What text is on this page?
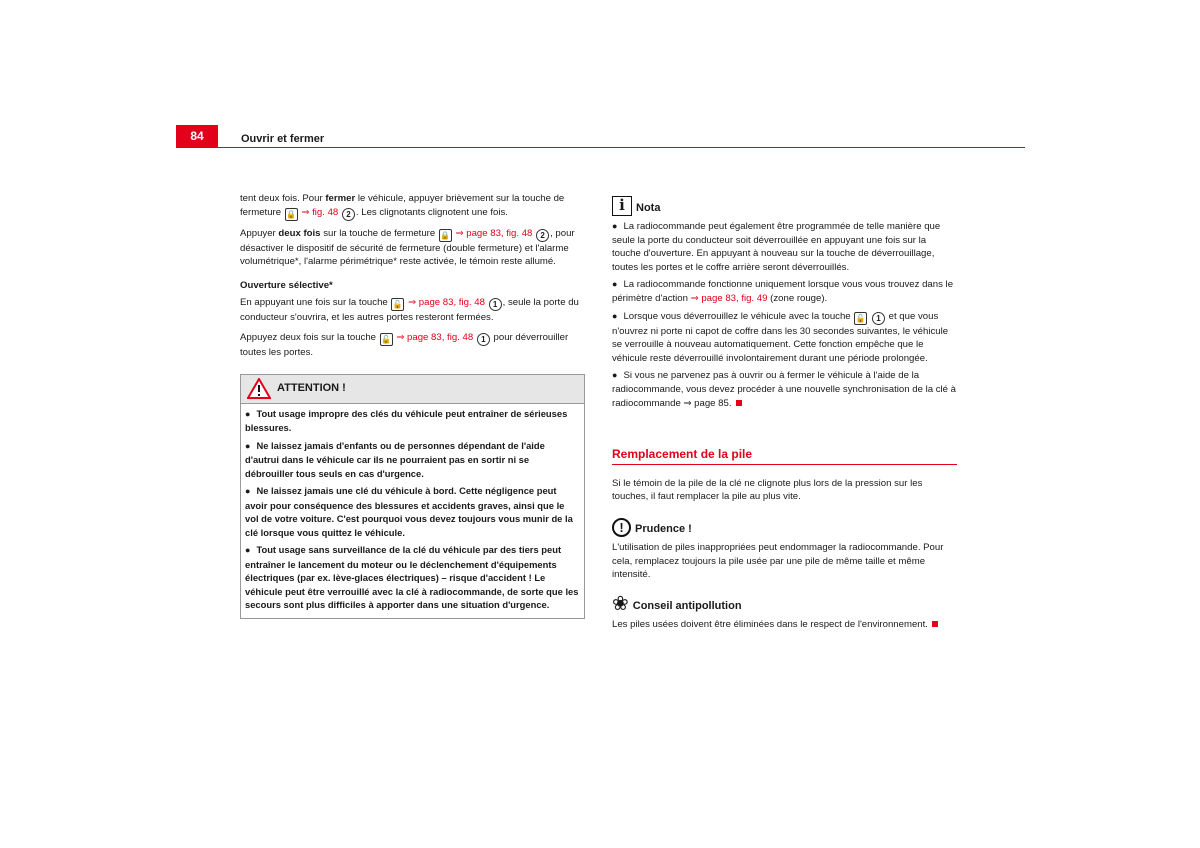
84	Ouvrir et fermer

tent deux fois. Pour fermer le véhicule, appuyer brièvement sur la touche de fermeture 🔒 ⇒ fig. 48 2 . Les clignotants clignotent une fois.

Appuyer deux fois sur la touche de fermeture 🔒 ⇒ page 83, fig. 48 2 , pour désactiver le dispositif de sécurité de fermeture (double fermeture) et l'alarme volumétrique*, l'alarme périmétrique* reste activée, le témoin reste allumé.

Ouverture sélective*

En appuyant une fois sur la touche 🔓 ⇒ page 83, fig. 48 1 , seule la porte du conducteur s'ouvrira, et les autres portes resteront fermées.

Appuyez deux fois sur la touche 🔓 ⇒ page 83, fig. 48 1 pour déverrouiller toutes les portes.

ATTENTION !
● Tout usage impropre des clés du véhicule peut entraîner de sérieuses blessures.
● Ne laissez jamais d'enfants ou de personnes dépendant de l'aide d'autrui dans le véhicule car ils ne pourraient pas en sortir ni se débrouiller tous seuls en cas d'urgence.
● Ne laissez jamais une clé du véhicule à bord. Cette négligence peut avoir pour conséquence des blessures et accidents graves, ainsi que le vol de votre voiture. C'est pourquoi vous devez toujours vous munir de la clé lorsque vous quittez le véhicule.
● Tout usage sans surveillance de la clé du véhicule par des tiers peut entraîner le lancement du moteur ou le déclenchement d'équipements électriques (par ex. lève-glaces électriques) – risque d'accident ! Le véhicule peut être verrouillé avec la clé à radiocommande, de sorte que les secours sont plus difficiles à apporter dans une situation d'urgence.
i	Nota
● La radiocommande peut également être programmée de telle manière que seule la porte du conducteur soit déverrouillée en appuyant une fois sur la touche d'ouverture. En appuyant à nouveau sur la touche de déverrouillage, toutes les portes et le coffre arrière seront déverrouillés.
● La radiocommande fonctionne uniquement lorsque vous vous trouvez dans le périmètre d'action ⇒ page 83, fig. 49 (zone rouge).
● Lorsque vous déverrouillez le véhicule avec la touche 🔓 1 et que vous n'ouvrez ni porte ni capot de coffre dans les 30 secondes suivantes, le véhicule se verrouille à nouveau automatiquement. Cette fonction empêche que le véhicule reste déverrouillé involontairement durant une période prolongée.
● Si vous ne parvenez pas à ouvrir ou à fermer le véhicule à l'aide de la radiocommande, vous devez procéder à une nouvelle synchronisation de la clé à radiocommande ⇒ page 85.
Remplacement de la pile

Si le témoin de la pile de la clé ne clignote plus lors de la pression sur les touches, il faut remplacer la pile au plus vite.

!	Prudence !

L'utilisation de piles inappropriées peut endommager la radiocommande. Pour cela, remplacez toujours la pile usée par une pile de même taille et même intensité.

❀ Conseil antipollution

Les piles usées doivent être éliminées dans le respect de l'environnement.
